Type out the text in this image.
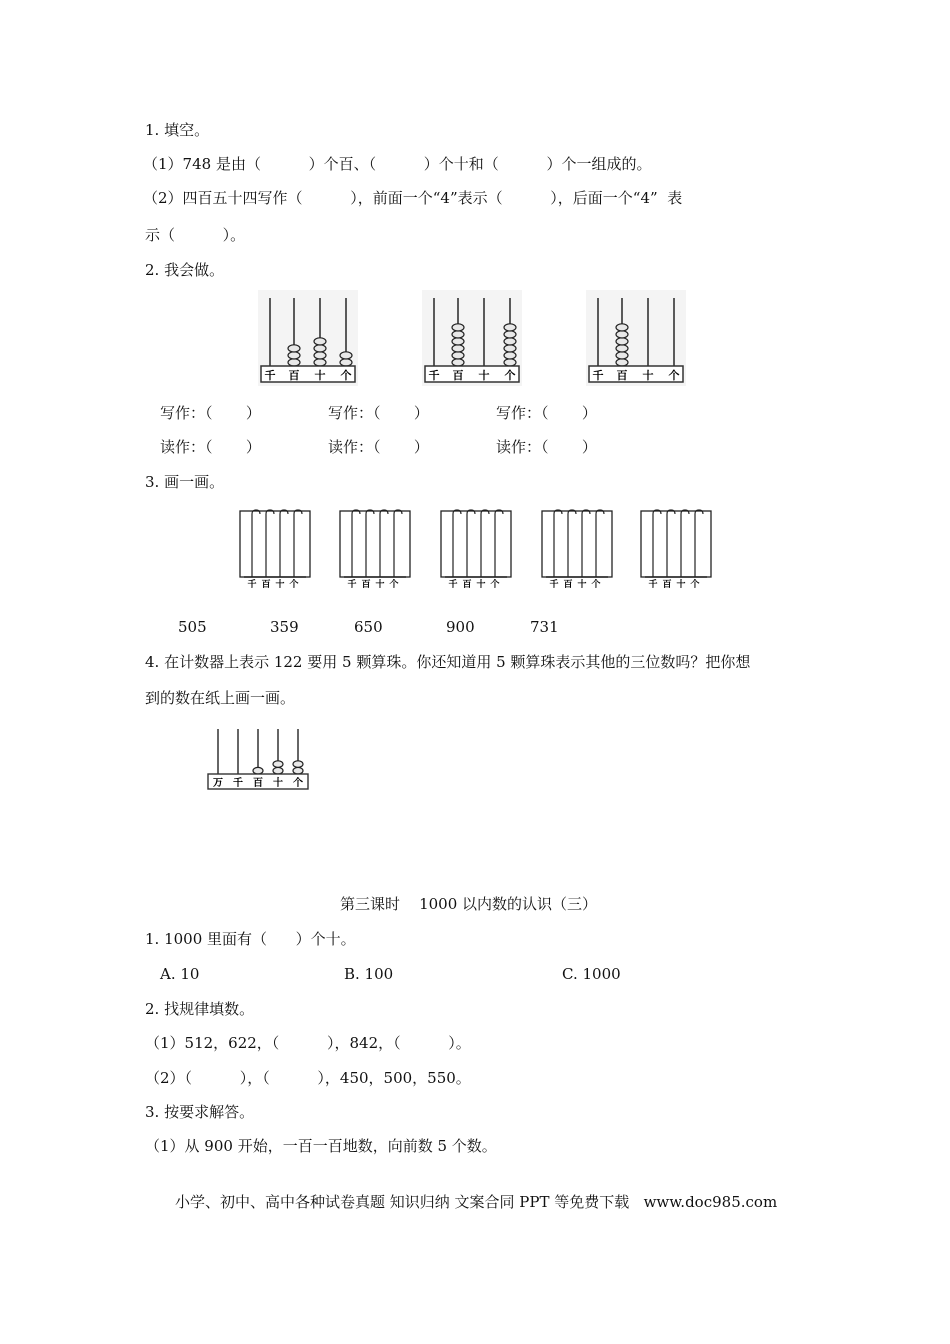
1. 填空。
（1）748 是由（          ）个百、（          ）个十和（          ）个一组成的。
（2）四百五十四写作（          ），前面一个“4”表示（          ），后面一个“4”  表
示（          ）。
2. 我会做。
千 百 十 个	千 百 十 个	千 百 十 个
写作：（       ）	写作：（       ）	写作：（       ）
读作：（       ）	读作：（       ）	读作：（       ）
3. 画一画。
千 百 十 个	千 百 十 个	千 百 十 个	千 百 十 个	千 百 十 个
505	359	650	900	731
4. 在计数器上表示 122 要用 5 颗算珠。你还知道用 5 颗算珠表示其他的三位数吗？把你想
到的数在纸上画一画。
万 千 百 十 个
第三课时    1000 以内数的认识（三）
1. 1000 里面有（      ）个十。
A. 10	B. 100	C. 1000
2. 找规律填数。
（1）512，622，（          ），842，（          ）。
（2）（          ），（          ），450，500，550。
3. 按要求解答。
（1）从 900 开始，一百一百地数，向前数 5 个数。
小学、初中、高中各种试卷真题 知识归纳 文案合同 PPT 等免费下载   www.doc985.com
